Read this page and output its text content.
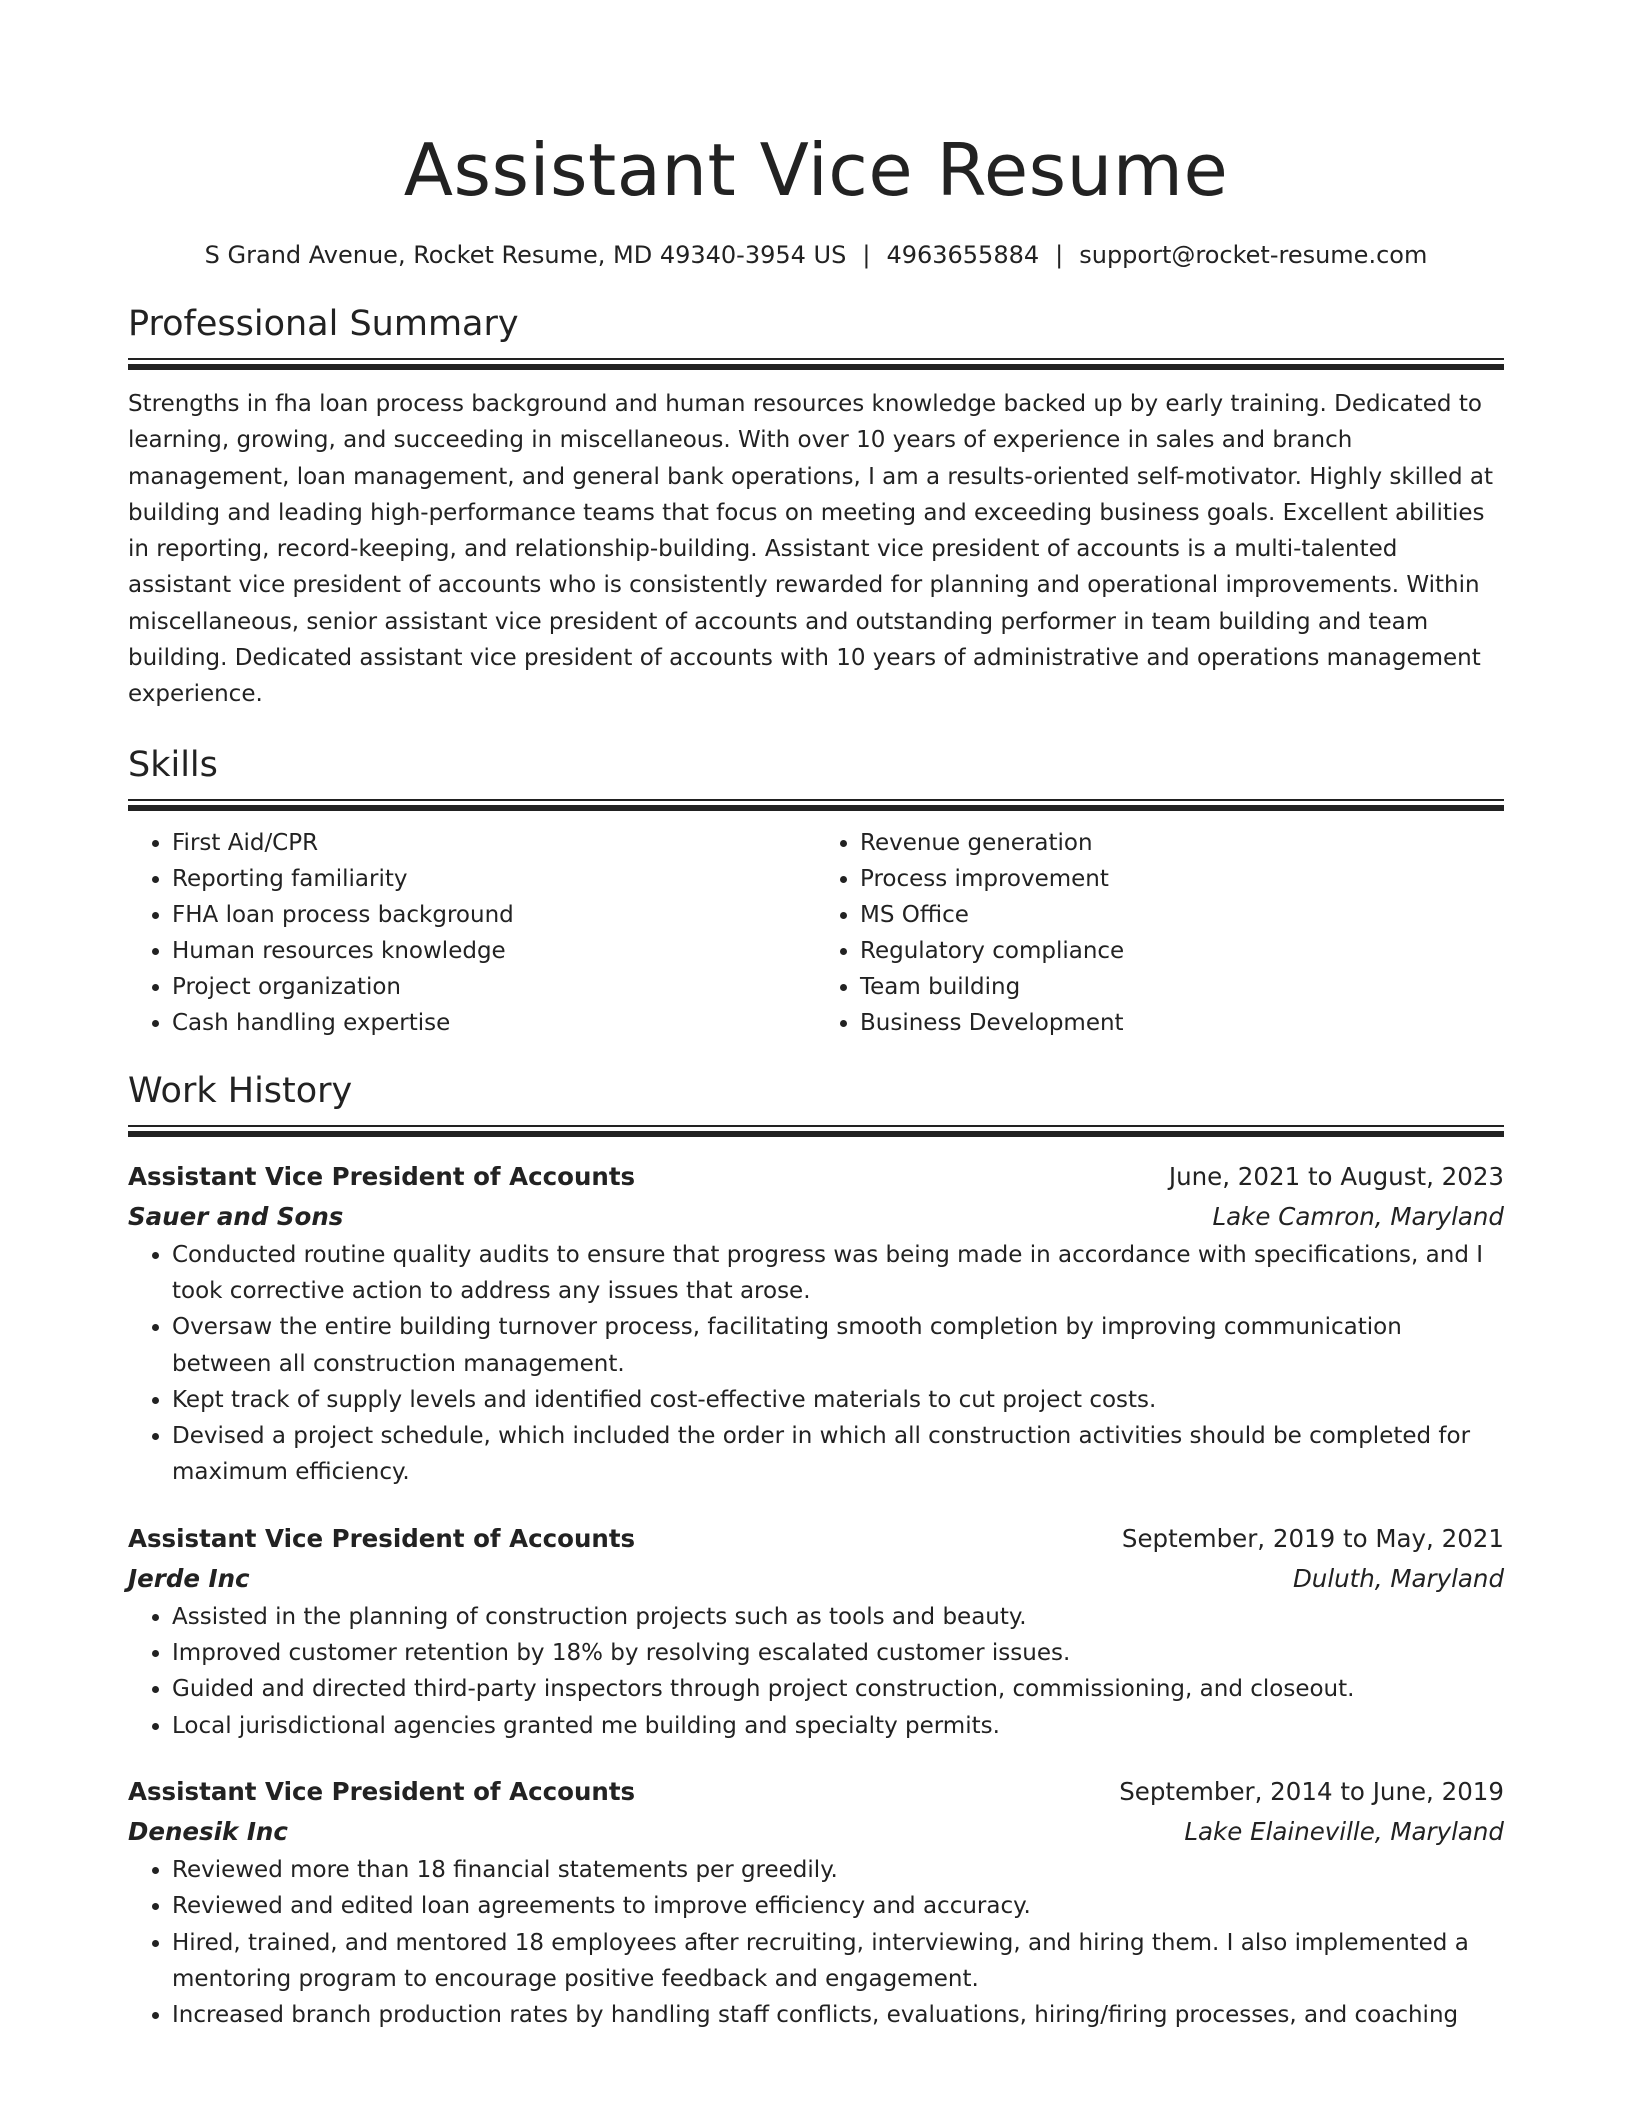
Assistant Vice Resume
S Grand Avenue, Rocket Resume, MD 49340-3954 US | 4963655884 | support@rocket-resume.com
Professional Summary

Strengths in fha loan process background and human resources knowledge backed up by early training. Dedicated to learning, growing, and succeeding in miscellaneous. With over 10 years of experience in sales and branch management, loan management, and general bank operations, I am a results-oriented self-motivator. Highly skilled at building and leading high-performance teams that focus on meeting and exceeding business goals. Excellent abilities in reporting, record-keeping, and relationship-building. Assistant vice president of accounts is a multi-talented assistant vice president of accounts who is consistently rewarded for planning and operational improvements. Within miscellaneous, senior assistant vice president of accounts and outstanding performer in team building and team building. Dedicated assistant vice president of accounts with 10 years of administrative and operations management experience.

Skills
• First Aid/CPR
• Reporting familiarity
• FHA loan process background
• Human resources knowledge
• Project organization
• Cash handling expertise
• Revenue generation
• Process improvement
• MS Office
• Regulatory compliance
• Team building
• Business Development
Work History
Assistant Vice President of Accounts	June, 2021 to August, 2023
Sauer and Sons	Lake Camron, Maryland
• Conducted routine quality audits to ensure that progress was being made in accordance with specifications, and I took corrective action to address any issues that arose.
• Oversaw the entire building turnover process, facilitating smooth completion by improving communication between all construction management.
• Kept track of supply levels and identified cost-effective materials to cut project costs.
• Devised a project schedule, which included the order in which all construction activities should be completed for maximum efficiency.
Assistant Vice President of Accounts	September, 2019 to May, 2021
Jerde Inc	Duluth, Maryland
• Assisted in the planning of construction projects such as tools and beauty.
• Improved customer retention by 18% by resolving escalated customer issues.
• Guided and directed third-party inspectors through project construction, commissioning, and closeout.
• Local jurisdictional agencies granted me building and specialty permits.
Assistant Vice President of Accounts	September, 2014 to June, 2019
Denesik Inc	Lake Elaineville, Maryland
• Reviewed more than 18 financial statements per greedily.
• Reviewed and edited loan agreements to improve efficiency and accuracy.
• Hired, trained, and mentored 18 employees after recruiting, interviewing, and hiring them. I also implemented a mentoring program to encourage positive feedback and engagement.
• Increased branch production rates by handling staff conflicts, evaluations, hiring/firing processes, and coaching
